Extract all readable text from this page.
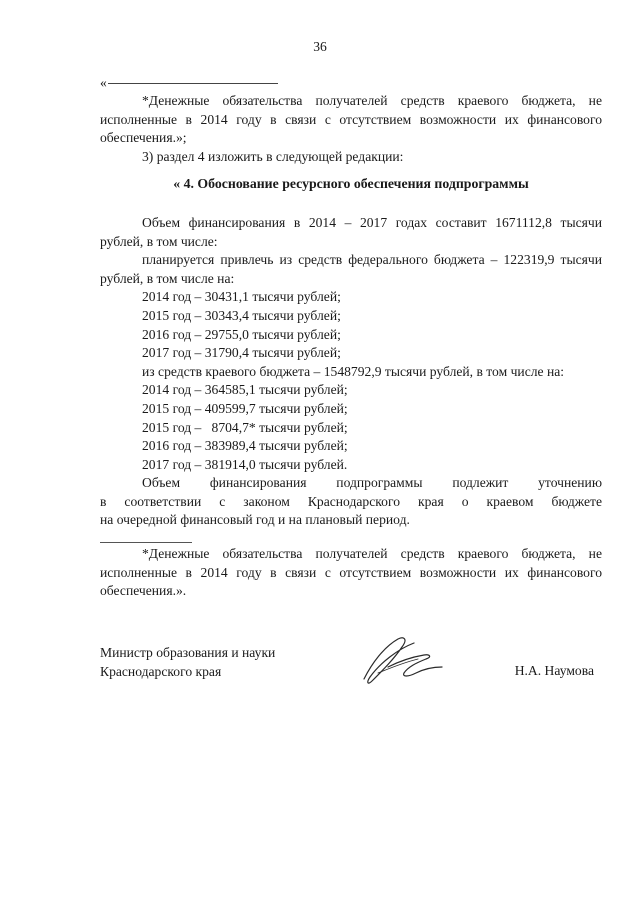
36
«

*Денежные обязательства получателей средств краевого бюджета, не исполненные в 2014 году в связи с отсутствием возможности их финансового обеспечения.»;

3) раздел 4 изложить в следующей редакции:

« 4. Обоснование ресурсного обеспечения подпрограммы

Объем финансирования в 2014 – 2017 годах составит 1671112,8 тысячи рублей, в том числе:

планируется привлечь из средств федерального бюджета – 122319,9 тысячи рублей, в том числе на:

2014 год – 30431,1 тысячи рублей;

2015 год – 30343,4 тысячи рублей;

2016 год – 29755,0 тысячи рублей;

2017 год – 31790,4 тысячи рублей;

из средств краевого бюджета – 1548792,9 тысячи рублей, в том числе на:

2014 год – 364585,1 тысячи рублей;

2015 год – 409599,7 тысячи рублей;

2015 год –   8704,7* тысячи рублей;

2016 год – 383989,4 тысячи рублей;

2017 год – 381914,0 тысячи рублей.

Объем финансирования подпрограммы подлежит уточнению

в соответствии с законом Краснодарского края о краевом бюджете

на очередной финансовый год и на плановый период.

*Денежные обязательства получателей средств краевого бюджета, не исполненные в 2014 году в связи с отсутствием возможности их финансового обеспечения.».

Министр образования и науки
Краснодарского края	Н.А. Наумова
